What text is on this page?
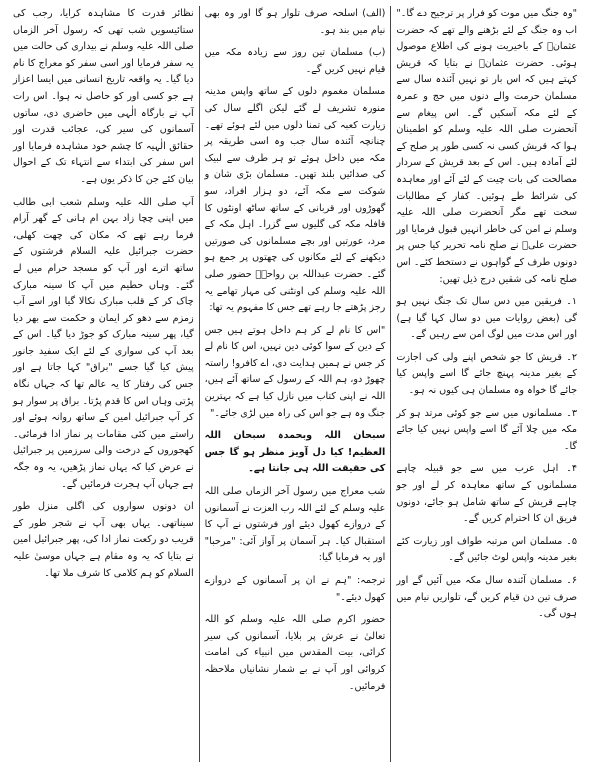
"وہ جنگ میں موت کو فرار پر ترجیح دے گا۔" اب وہ جنگ کے لئے بڑھنے والے تھے کہ حضرت عثمانؓ کے باخیریت ہونے کی اطلاع موصول ہوئی۔ حضرت عثمانؓ نے بتایا کہ قریش کہتے ہیں کہ اس بار تو نہیں آئندہ سال سے مسلمان حرمت والے دنوں میں حج و عمرہ کے لئے مکہ آسکیں گے۔ اس پیغام سے آنحضرت صلی اللہ علیہ وسلم کو اطمینان ہوا کہ قریش کسی نہ کسی طور پر صلح کے لئے آمادہ ہیں۔ اس کے بعد قریش کے سردار مصالحت کی بات چیت کے لئے آئے اور معاہدہ کی شرائط طے ہوئیں۔ کفار کے مطالبات سخت تھے مگر آنحضرت صلی اللہ علیہ وسلم نے امن کی خاطر انہیں قبول فرمایا اور حضرت علیؓ نے صلح نامہ تحریر کیا جس پر دونوں طرف کے گواہوں نے دستخط کئے۔ اس صلح نامہ کی شقیں درج ذیل تھیں:

۱۔ فریقین میں دس سال تک جنگ نہیں ہو گی (بعض روایات میں دو سال کہا گیا ہے) اور اس مدت میں لوگ امن سے رہیں گے۔

۲۔ قریش کا جو شخص اپنے ولی کی اجازت کے بغیر مدینہ پہنچ جائے گا اسے واپس کیا جائے گا خواہ وہ مسلمان ہی کیوں نہ ہو۔

۳۔ مسلمانوں میں سے جو کوئی مرتد ہو کر مکہ میں چلا آئے گا اسے واپس نہیں کیا جائے گا۔

۴۔ اہل عرب میں سے جو قبیلہ چاہے مسلمانوں کے ساتھ معاہدہ کر لے اور جو چاہے قریش کے ساتھ شامل ہو جائے، دونوں فریق ان کا احترام کریں گے۔

۵۔ مسلمان اس مرتبہ طواف اور زیارت کئے بغیر مدینہ واپس لوٹ جائیں گے۔

۶۔ مسلمان آئندہ سال مکہ میں آئیں گے اور صرف تین دن قیام کریں گے، تلواریں نیام میں ہوں گی۔

(الف) اسلحہ صرف تلوار ہو گا اور وہ بھی نیام میں بند ہو۔

(ب) مسلمان تین روز سے زیادہ مکہ میں قیام نہیں کریں گے۔

مسلمان مغموم دلوں کے ساتھ واپس مدینہ منورہ تشریف لے گئے لیکن اگلے سال کی زیارت کعبہ کی تمنا دلوں میں لئے ہوئے تھے۔ چنانچہ آئندہ سال جب وہ اسی طریقہ پر مکہ میں داخل ہوئے تو ہر طرف سے لبیک کی صدائیں بلند تھیں۔ مسلمان بڑی شان و شوکت سے مکہ آئے، دو ہزار افراد، سو گھوڑوں اور قربانی کے ساتھ ساٹھ اونٹوں کا قافلہ مکہ کی گلیوں سے گزرا۔ اہل مکہ کے مرد، عورتیں اور بچے مسلمانوں کی صورتیں دیکھنے کے لئے مکانوں کی چھتوں پر جمع ہو گئے۔ حضرت عبداللہ بن رواحہؓ حضور صلی اللہ علیہ وسلم کی اونٹنی کی مہار تھامے یہ رجز پڑھتے جا رہے تھے جس کا مفہوم یہ تھا:

"اس کا نام لے کر ہم داخل ہوتے ہیں جس کے دین کے سوا کوئی دین نہیں، اس کا نام لے کر جس نے ہمیں ہدایت دی، اے کافرو! راستہ چھوڑ دو، ہم اللہ کے رسول کے ساتھ آئے ہیں، اللہ نے اپنی کتاب میں نازل کیا ہے کہ بہترین جنگ وہ ہے جو اس کی راہ میں لڑی جائے۔"

سبحان اللہ وبحمدہ سبحان اللہ العظیم! کیا دل آویز منظر ہو گا جس کی حقیقت اللہ ہی جانتا ہے۔

شب معراج میں رسول آخر الزماں صلی اللہ علیہ وسلم کے لئے اللہ رب العزت نے آسمانوں کے دروازے کھول دیئے اور فرشتوں نے آپ کا استقبال کیا۔ ہر آسمان پر آواز آئی: "مرحبا" اور یہ فرمایا گیا:

ترجمہ: "ہم نے ان پر آسمانوں کے دروازے کھول دیئے۔"

حضور اکرم صلی اللہ علیہ وسلم کو اللہ تعالیٰ نے عرش پر بلایا، آسمانوں کی سیر کرائی، بیت المقدس میں انبیاء کی امامت کروائی اور آپ نے بے شمار نشانیاں ملاحظہ فرمائیں۔

نظائر قدرت کا مشاہدہ کرایا، رجب کی ستائیسویں شب تھی کہ رسول آخر الزماں صلی اللہ علیہ وسلم نے بیداری کی حالت میں یہ سفر فرمایا اور اسی سفر کو معراج کا نام دیا گیا۔ یہ واقعہ تاریخ انسانی میں ایسا اعزاز ہے جو کسی اور کو حاصل نہ ہوا۔ اس رات آپ نے بارگاہ الٰہی میں حاضری دی، ساتوں آسمانوں کی سیر کی، عجائب قدرت اور حقائق الٰہیہ کا چشم خود مشاہدہ فرمایا اور اس سفر کی ابتداء سے انتہاء تک کے احوال بیان کئے جن کا ذکر یوں ہے۔

آپ صلی اللہ علیہ وسلم شعب ابی طالب میں اپنی چچا زاد بہن ام ہانی کے گھر آرام فرما رہے تھے کہ مکان کی چھت کھلی، حضرت جبرائیل علیہ السلام فرشتوں کے ساتھ اترے اور آپ کو مسجد حرام میں لے گئے۔ وہاں حطیم میں آپ کا سینہ مبارک چاک کر کے قلب مبارک نکالا گیا اور اسے آب زمزم سے دھو کر ایمان و حکمت سے بھر دیا گیا، پھر سینہ مبارک کو جوڑ دیا گیا۔ اس کے بعد آپ کی سواری کے لئے ایک سفید جانور پیش کیا گیا جسے "براق" کہا جاتا ہے اور جس کی رفتار کا یہ عالم تھا کہ جہاں نگاہ پڑتی وہاں اس کا قدم پڑتا۔ براق پر سوار ہو کر آپ جبرائیل امین کے ساتھ روانہ ہوئے اور راستے میں کئی مقامات پر نماز ادا فرمائی۔ کھجوروں کے درخت والی سرزمین پر جبرائیل نے عرض کیا کہ یہاں نماز پڑھیں، یہ وہ جگہ ہے جہاں آپ ہجرت فرمائیں گے۔

ان دونوں سواروں کی اگلی منزل طور سیناتھی۔ یہاں بھی آپ نے شجر طور کے قریب دو رکعت نماز ادا کی، پھر جبرائیل امین نے بتایا کہ یہ وہ مقام ہے جہاں موسیٰ علیہ السلام کو ہم کلامی کا شرف ملا تھا۔
